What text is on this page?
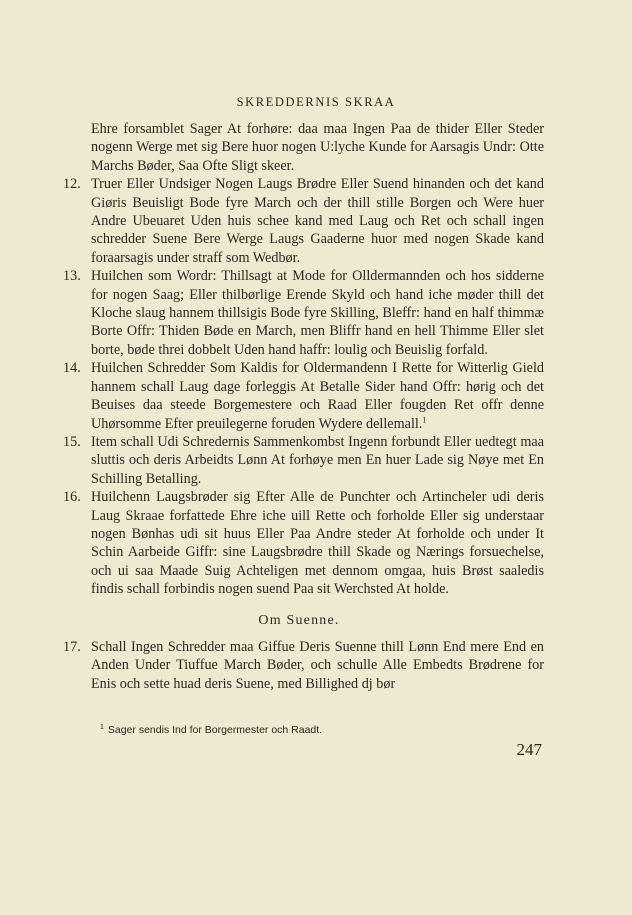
SKREDDERNIS SKRAA
Ehre forsamblet Sager At forhøre: daa maa Ingen Paa de thider Eller Steder nogenn Werge met sig Bere huor nogen U:lyche Kunde for Aarsagis Undr: Otte Marchs Bøder, Saa Ofte Sligt skeer.
12. Truer Eller Undsiger Nogen Laugs Brødre Eller Suend hinanden och det kand Giøris Beuisligt Bode fyre March och der thill stille Borgen och Were huer Andre Ubeuaret Uden huis schee kand med Laug och Ret och schall ingen schredder Suene Bere Werge Laugs Gaaderne huor med nogen Skade kand foraarsagis under straff som Wedbør.
13. Huilchen som Wordr: Thillsagt at Mode for Olldermannden och hos sidderne for nogen Saag; Eller thilbørlige Erende Skyld och hand iche møder thill det Kloche slaug hannem thillsigis Bode fyre Skilling, Bleffr: hand en half thimmæ Borte Offr: Thiden Bøde en March, men Bliffr hand en hell Thimme Eller slet borte, bøde threi dobbelt Uden hand haffr: loulig och Beuislig forfald.
14. Huilchen Schredder Som Kaldis for Oldermandenn I Rette for Witterlig Gield hannem schall Laug dage forleggis At Betalle Sider hand Offr: hørig och det Beuises daa steede Borgemestere och Raad Eller fougden Ret offr denne Uhørsomme Efter preuilegerne foruden Wydere dellemall.$^1$
15. Item schall Udi Schredernis Sammenkombst Ingenn forbundt Eller uedtegt maa sluttis och deris Arbeidts Lønn At forhøye men En huer Lade sig Nøye met En Schilling Betalling.
16. Huilchenn Laugsbrøder sig Efter Alle de Punchter och Artincheler udi deris Laug Skraae forfattede Ehre iche uill Rette och forholde Eller sig understaar nogen Bønhas udi sit huus Eller Paa Andre steder At forholde och under It Schin Aarbeide Giffr: sine Laugsbrødre thill Skade og Nærings forsuechelse, och ui saa Maade Suig Achteligen met dennom omgaa, huis Brøst saaledis findis schall forbindis nogen suend Paa sit Werchsted At holde.
Om Suenne.
17. Schall Ingen Schredder maa Giffue Deris Suenne thill Lønn End mere End en Anden Under Tiuffue March Bøder, och schulle Alle Embedts Brødrene for Enis och sette huad deris Suene, med Billighed dj bør
$^1$ Sager sendis Ind for Borgermester och Raadt.
247
